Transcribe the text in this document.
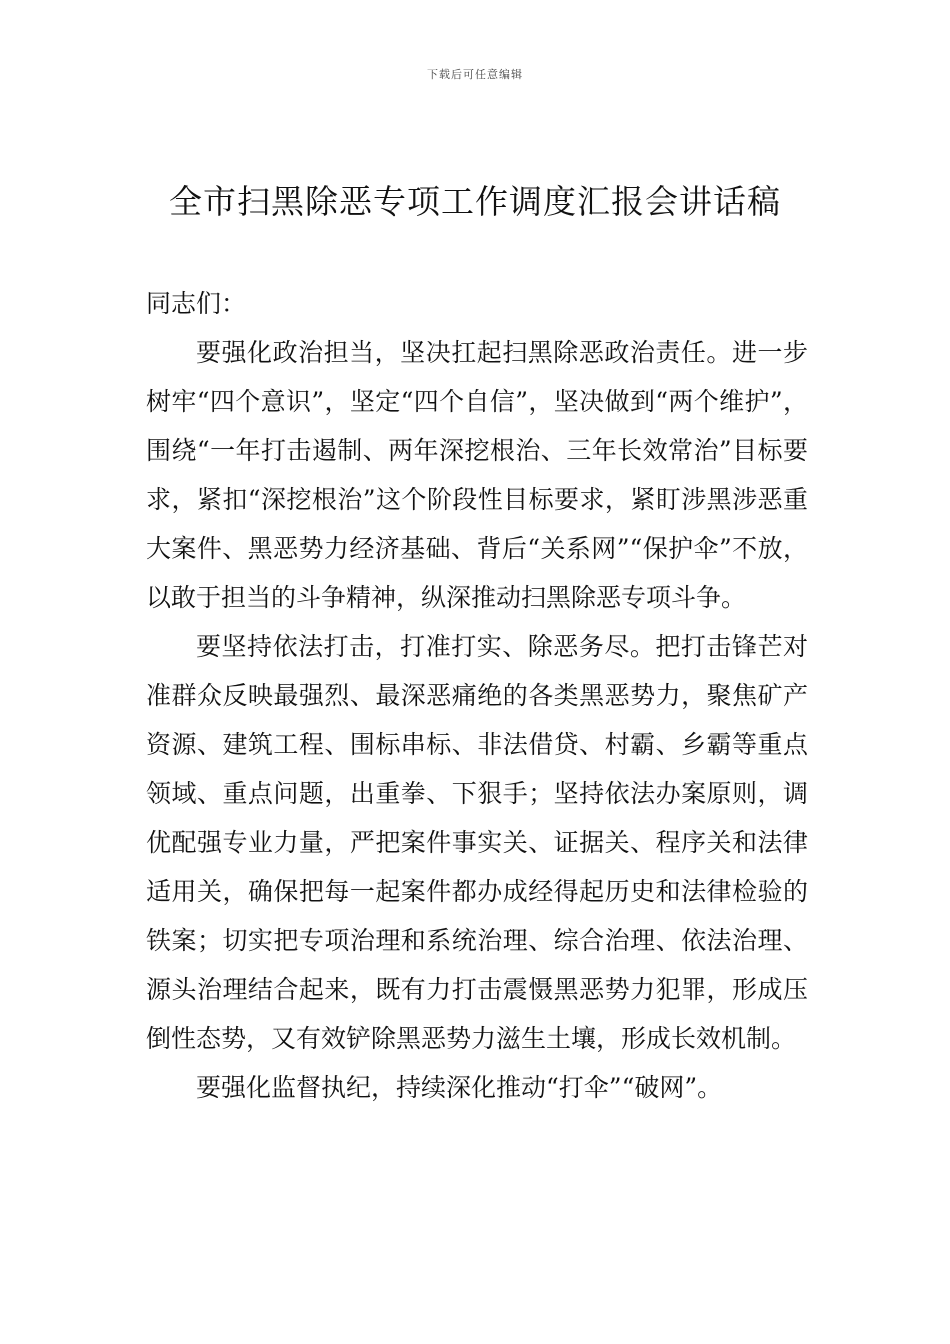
下载后可任意编辑
全市扫黑除恶专项工作调度汇报会讲话稿

同志们：

要强化政治担当，坚决扛起扫黑除恶政治责任。进一步树牢“四个意识”，坚定“四个自信”，坚决做到“两个维护”，围绕“一年打击遏制、两年深挖根治、三年长效常治”目标要求，紧扣“深挖根治”这个阶段性目标要求，紧盯涉黑涉恶重大案件、黑恶势力经济基础、背后“关系网”“保护伞”不放，以敢于担当的斗争精神，纵深推动扫黑除恶专项斗争。

要坚持依法打击，打准打实、除恶务尽。把打击锋芒对准群众反映最强烈、最深恶痛绝的各类黑恶势力，聚焦矿产资源、建筑工程、围标串标、非法借贷、村霸、乡霸等重点领域、重点问题，出重拳、下狠手；坚持依法办案原则，调优配强专业力量，严把案件事实关、证据关、程序关和法律适用关，确保把每一起案件都办成经得起历史和法律检验的铁案；切实把专项治理和系统治理、综合治理、依法治理、源头治理结合起来，既有力打击震慑黑恶势力犯罪，形成压倒性态势，又有效铲除黑恶势力滋生土壤，形成长效机制。

要强化监督执纪，持续深化推动“打伞”“破网”。
